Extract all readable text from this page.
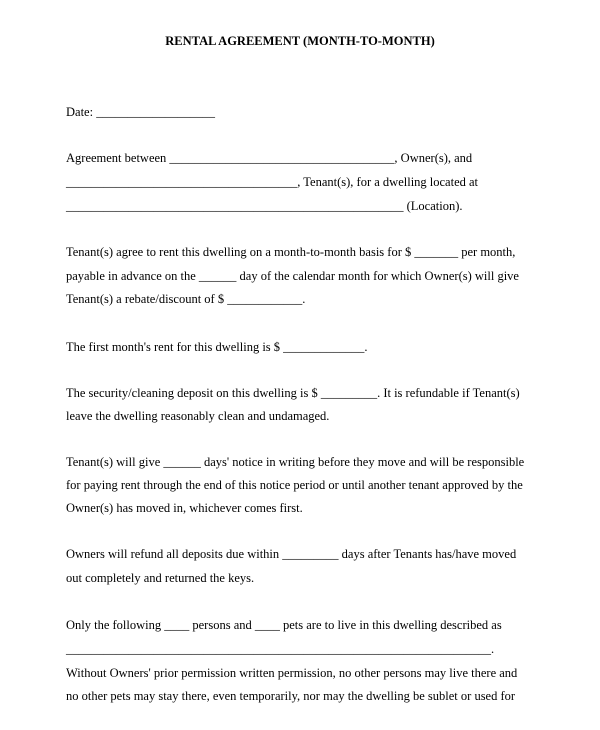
RENTAL AGREEMENT (MONTH-TO-MONTH)
Date: ___________________
Agreement between ____________________________________, Owner(s), and
_____________________________________, Tenant(s), for a dwelling located at
______________________________________________________ (Location).
Tenant(s) agree to rent this dwelling on a month-to-month basis for $ _______ per month,
payable in advance on the ______ day of the calendar month for which Owner(s) will give
Tenant(s) a rebate/discount of $ ____________.
The first month's rent for this dwelling is $ _____________.
The security/cleaning deposit on this dwelling is $ _________. It is refundable if Tenant(s)
leave the dwelling reasonably clean and undamaged.
Tenant(s) will give ______ days' notice in writing before they move and will be responsible
for paying rent through the end of this notice period or until another tenant approved by the
Owner(s) has moved in, whichever comes first.
Owners will refund all deposits due within _________ days after Tenants has/have moved
out completely and returned the keys.
Only the following ____ persons and ____ pets are to live in this dwelling described as
____________________________________________________________________.
Without Owners' prior permission written permission, no other persons may live there and
no other pets may stay there, even temporarily, nor may the dwelling be sublet or used for
